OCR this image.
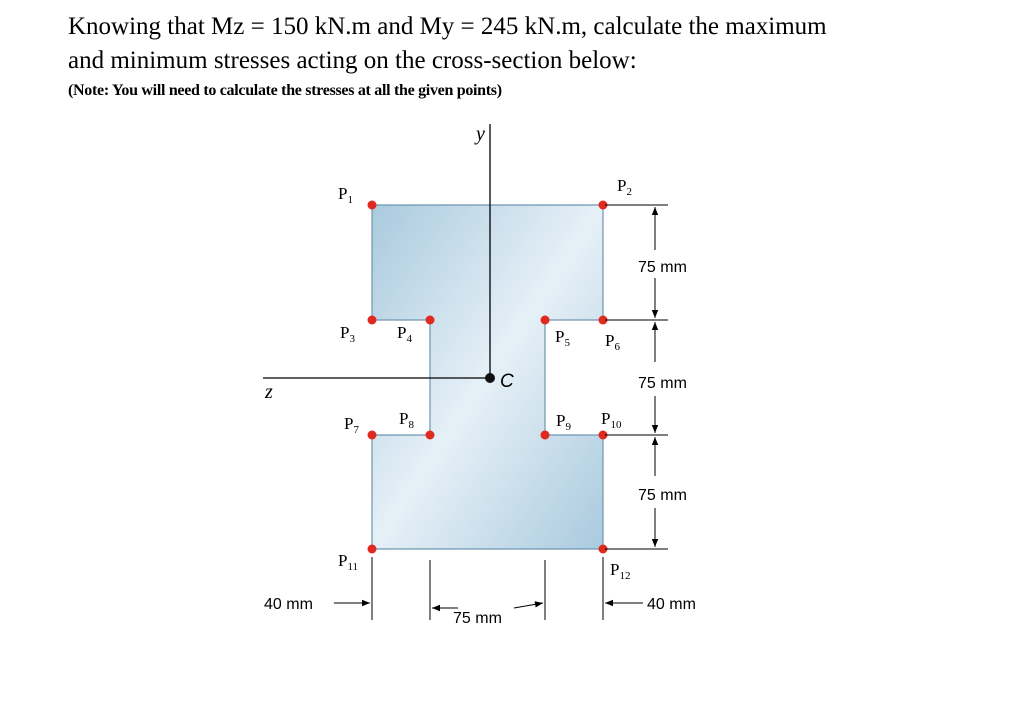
Knowing that Mz = 150 kN.m and My = 245 kN.m, calculate the maximum
and minimum stresses acting on the cross-section below:
(Note: You will need to calculate the stresses at all the given points)
y
z	C
$P_1$
$P_2$
$P_3$ $P_4$	$P_5$ $P_6$
$P_7$
$P_8$	$P_9$ $P_{10}$
$P_{11}$	$P_{12}$
75 mm
75 mm
75 mm
40 mm
75 mm
40 mm
